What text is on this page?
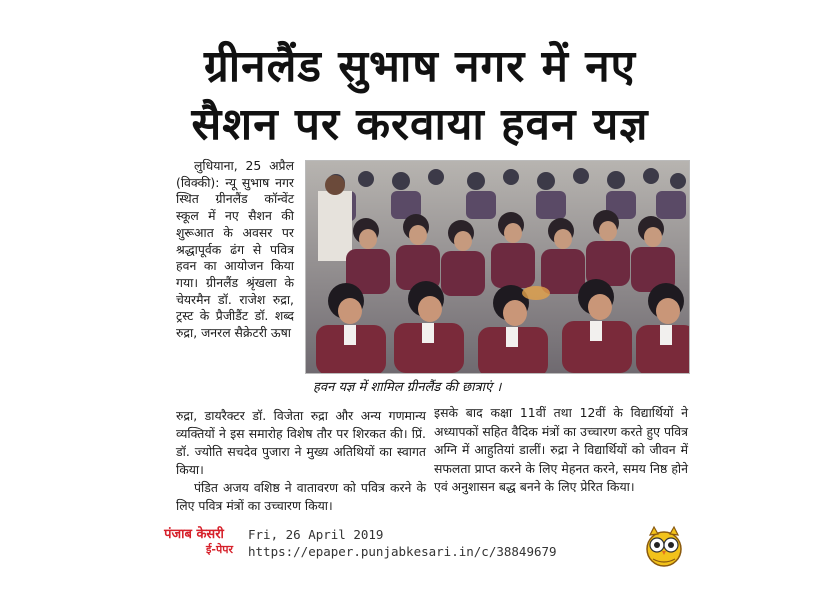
ग्रीनलैंड सुभाष नगर में नए
सैशन पर करवाया हवन यज्ञ

लुधियाना, 25 अप्रैल (विक्की): न्यू सुभाष नगर स्थित ग्रीनलैंड कॉन्वेंट स्कूल में नए सैशन की शुरूआत के अवसर पर श्रद्धापूर्वक ढंग से पवित्र हवन का आयोजन किया गया। ग्रीनलैंड श्रृंखला के चेयरमैन डॉ. राजेश रुद्रा, ट्रस्ट के प्रैजीडैंट डॉ. शब्द रुद्रा, जनरल सैक्रेटरी ऊषा

हवन यज्ञ में शामिल ग्रीनलैंड की छात्राएं ।

रुद्रा, डायरैक्टर डॉ. विजेता रुद्रा और अन्य गणमान्य व्यक्तियों ने इस समारोह विशेष तौर पर शिरकत की। प्रिं. डॉ. ज्योति सचदेव पुजारा ने मुख्य अतिथियों का स्वागत किया।

पंडित अजय वशिष्ठ ने वातावरण को पवित्र करने के लिए पवित्र मंत्रों का उच्चारण किया।

इसके बाद कक्षा 11वीं तथा 12वीं के विद्यार्थियों ने अध्यापकों सहित वैदिक मंत्रों का उच्चारण करते हुए पवित्र अग्नि में आहुतियां डालीं। रुद्रा ने विद्यार्थियों को जीवन में सफलता प्राप्त करने के लिए मेहनत करने, समय निष्ठ होने एवं अनुशासन बद्ध बनने के लिए प्रेरित किया।

पंजाब केसरी
ई-पेपर
Fri, 26 April 2019
https://epaper.punjabkesari.in/c/38849679
